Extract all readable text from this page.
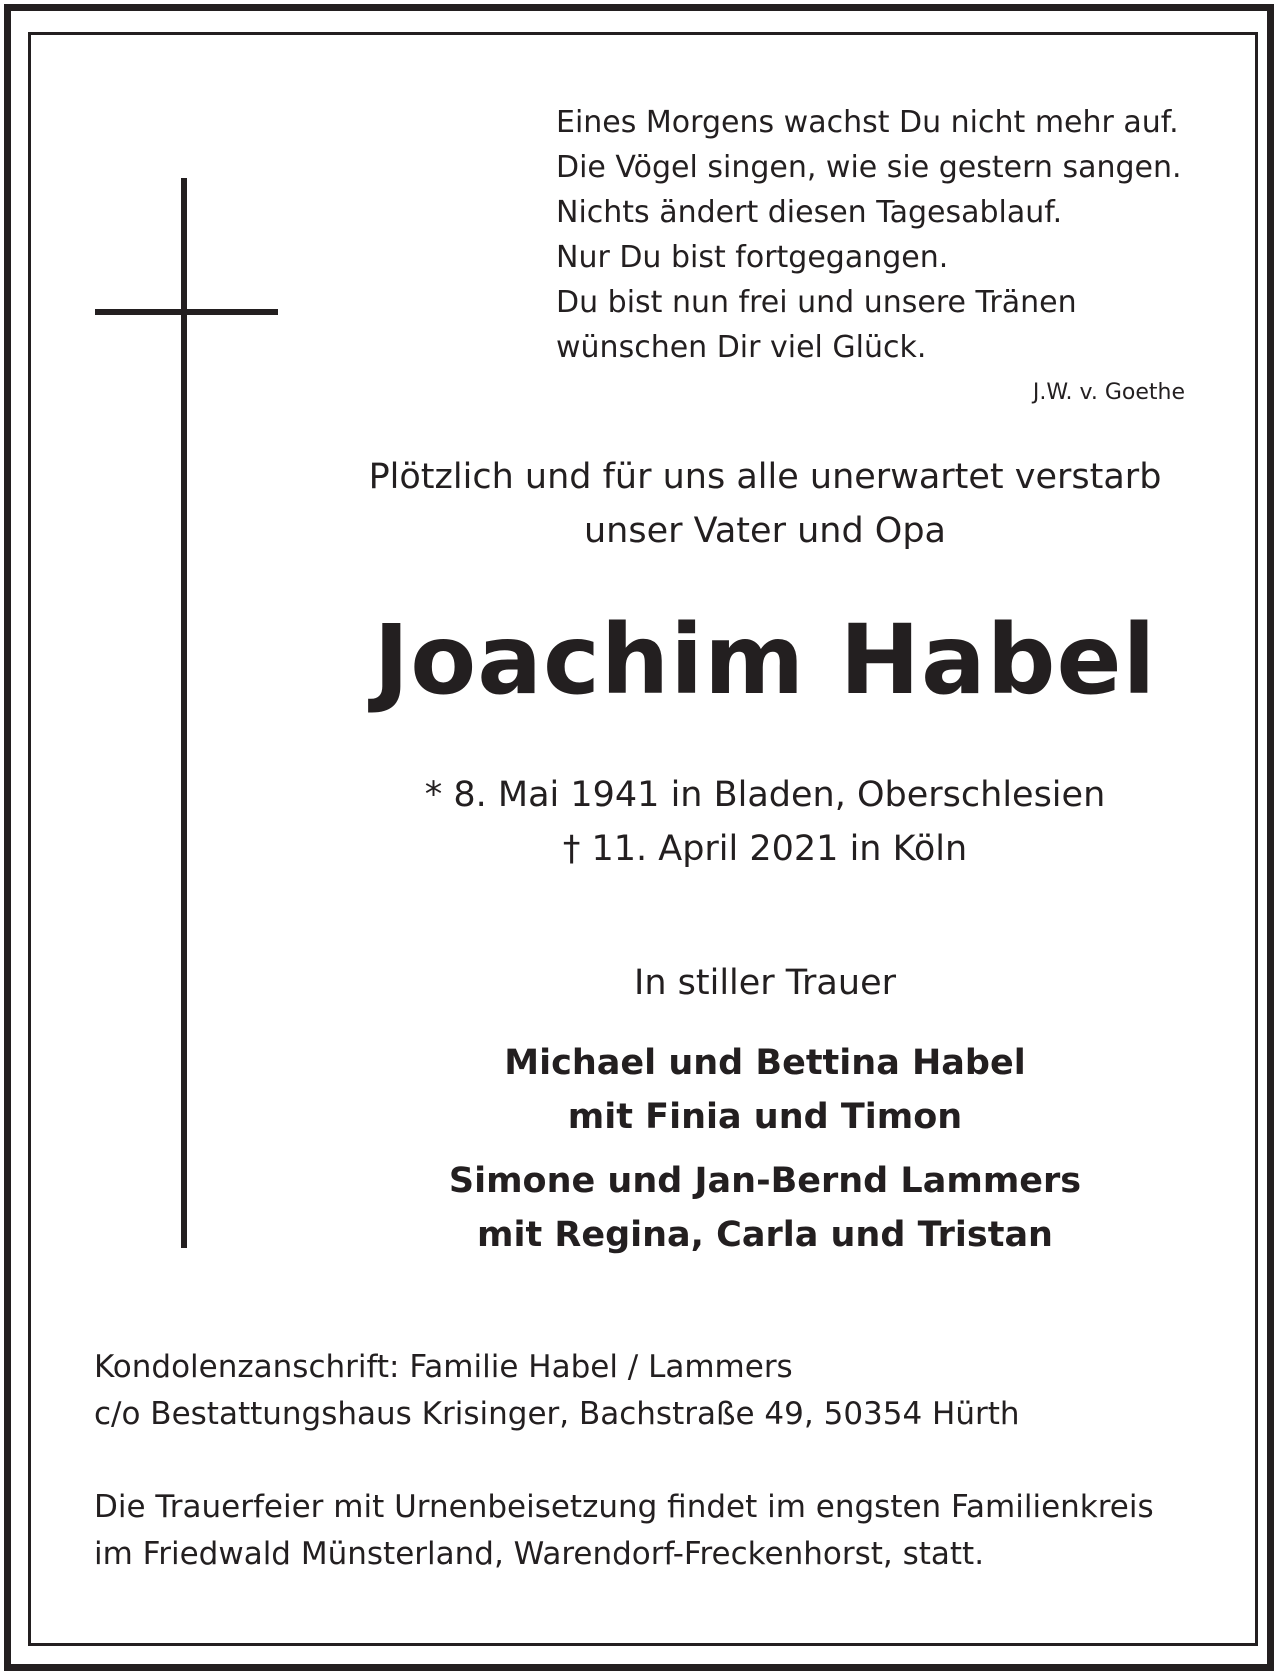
Eines Morgens wachst Du nicht mehr auf.
Die Vögel singen, wie sie gestern sangen.
Nichts ändert diesen Tagesablauf.
Nur Du bist fortgegangen.
Du bist nun frei und unsere Tränen
wünschen Dir viel Glück.
J.W. v. Goethe
Plötzlich und für uns alle unerwartet verstarb
unser Vater und Opa
Joachim Habel
* 8. Mai 1941 in Bladen, Oberschlesien
† 11. April 2021 in Köln
In stiller Trauer
Michael und Bettina Habel
mit Finia und Timon
Simone und Jan-Bernd Lammers
mit Regina, Carla und Tristan
Kondolenzanschrift: Familie Habel / Lammers
c/o Bestattungshaus Krisinger, Bachstraße 49, 50354 Hürth
Die Trauerfeier mit Urnenbeisetzung findet im engsten Familienkreis
im Friedwald Münsterland, Warendorf-Freckenhorst, statt.
